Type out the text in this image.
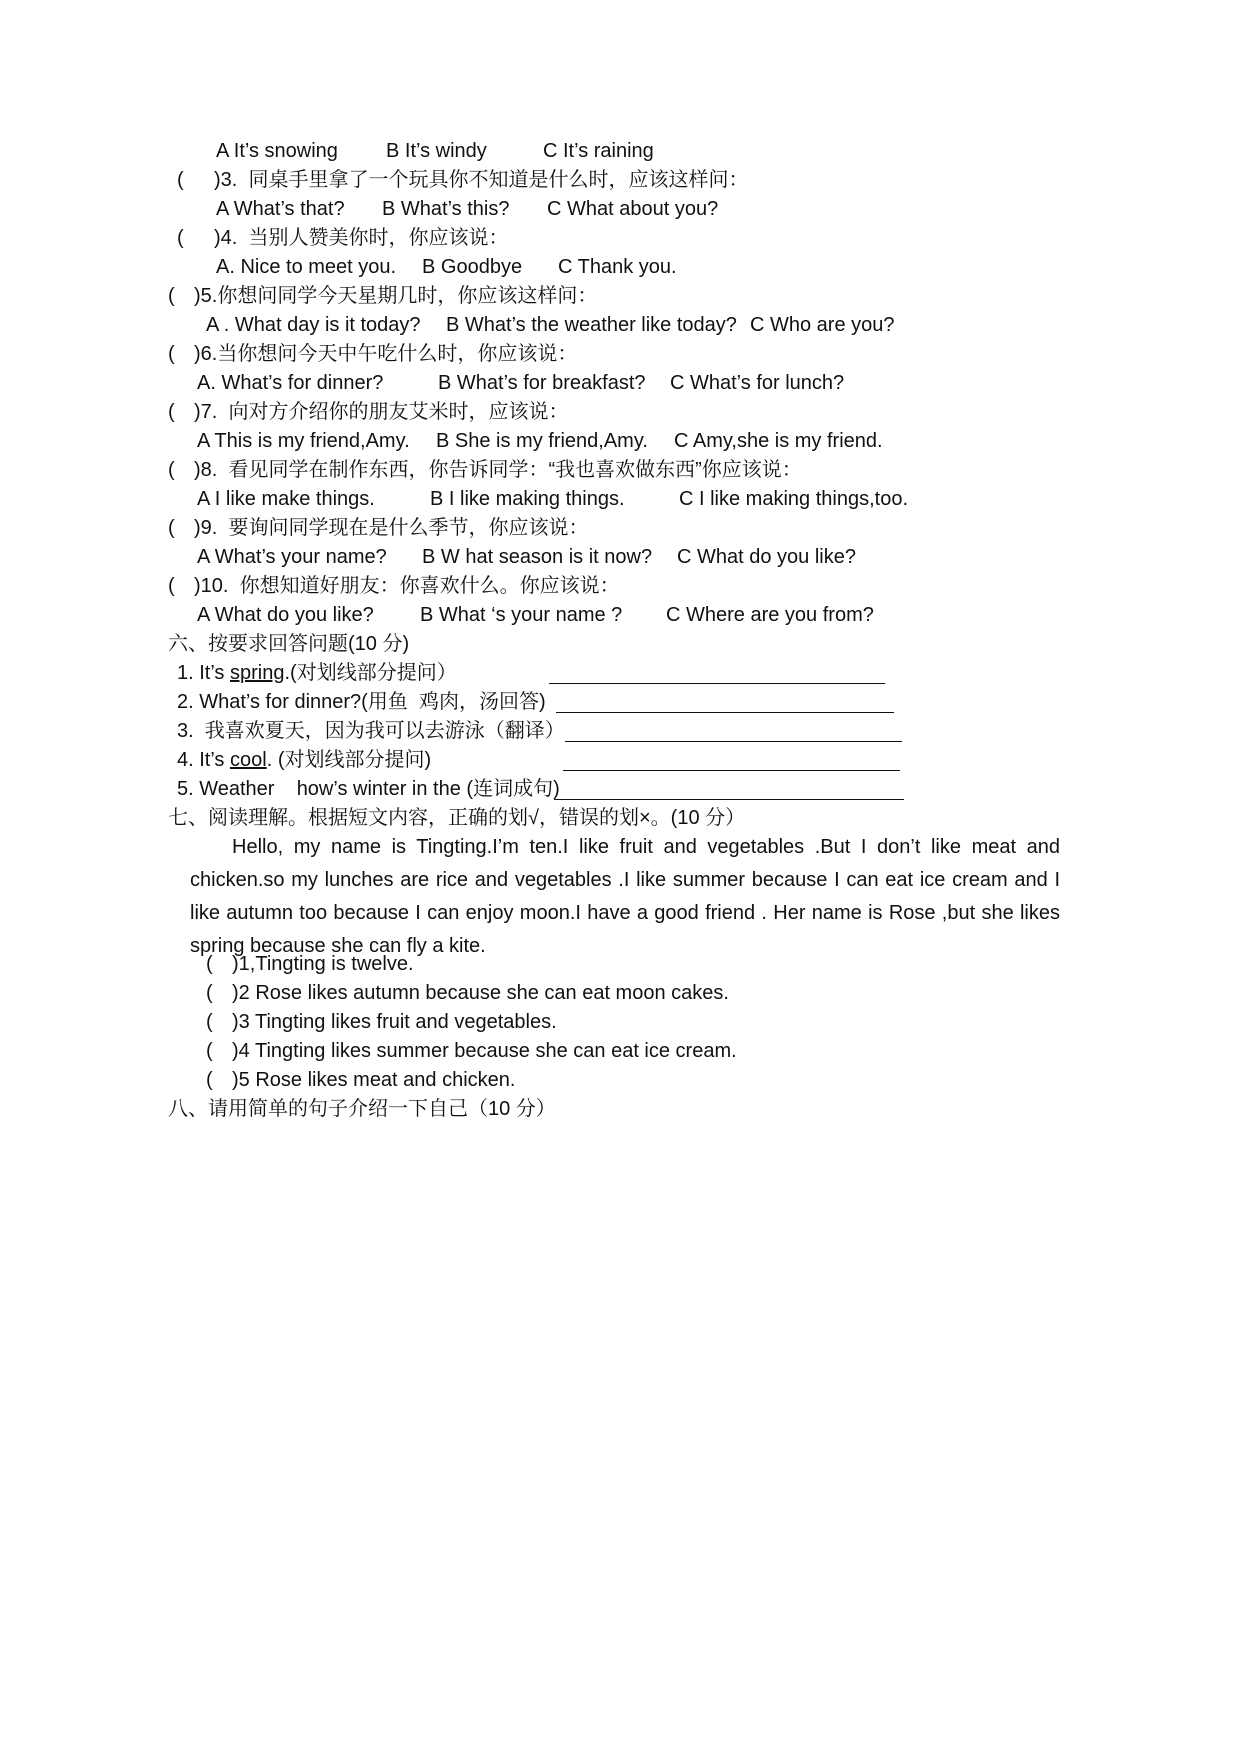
A It’s snowing B It’s windy	C It’s raining
( )3.  同桌手里拿了一个玩具你不知道是什么时，应该这样问：
A What’s that? B What’s this? C What about you?
( )4.  当别人赞美你时，你应该说：
A. Nice to meet you. B Goodbye C Thank you.
( )5.你想问同学今天星期几时，你应该这样问：
A . What day is it today? B What’s the weather like today? C Who are you?
( )6.当你想问今天中午吃什么时，你应该说：
A. What’s for dinner?	B What’s for breakfast? C What’s for lunch?
( )7.  向对方介绍你的朋友艾米时，应该说：
A This is my friend,Amy. B She is my friend,Amy. C Amy,she is my friend.
( )8.  看见同学在制作东西，你告诉同学：“我也喜欢做东西”你应该说：
A I like make things.	B I like making things.	C I like making things,too.
( )9.  要询问同学现在是什么季节，你应该说：
A What’s your name? B W hat season is it now? C What do you like?
( )10.  你想知道好朋友：你喜欢什么。你应该说：
A What do you like? B What ‘s your name ? C Where are you from?
六、按要求回答问题(10 分)
1. It’s spring.(对划线部分提问）
2. What’s for dinner?(用鱼  鸡肉，汤回答)
3.  我喜欢夏天，因为我可以去游泳（翻译）
4. It’s cool. (对划线部分提问)
5. Weather    how’s winter in the (连词成句)
七、阅读理解。根据短文内容，正确的划√，错误的划×。(10 分）
Hello, my name is Tingting.I’m ten.I like fruit and vegetables .But I don’t like meat and chicken.so my lunches are rice and vegetables .I like summer because I can eat ice cream and I like autumn too because I can enjoy moon.I have a good friend . Her name is Rose ,but she likes spring because she can fly a kite.
( )1,Tingting is twelve.
( )2 Rose likes autumn because she can eat moon cakes.
( )3 Tingting likes fruit and vegetables.
( )4 Tingting likes summer because she can eat ice cream.
( )5 Rose likes meat and chicken.
八、请用简单的句子介绍一下自己（10 分）
